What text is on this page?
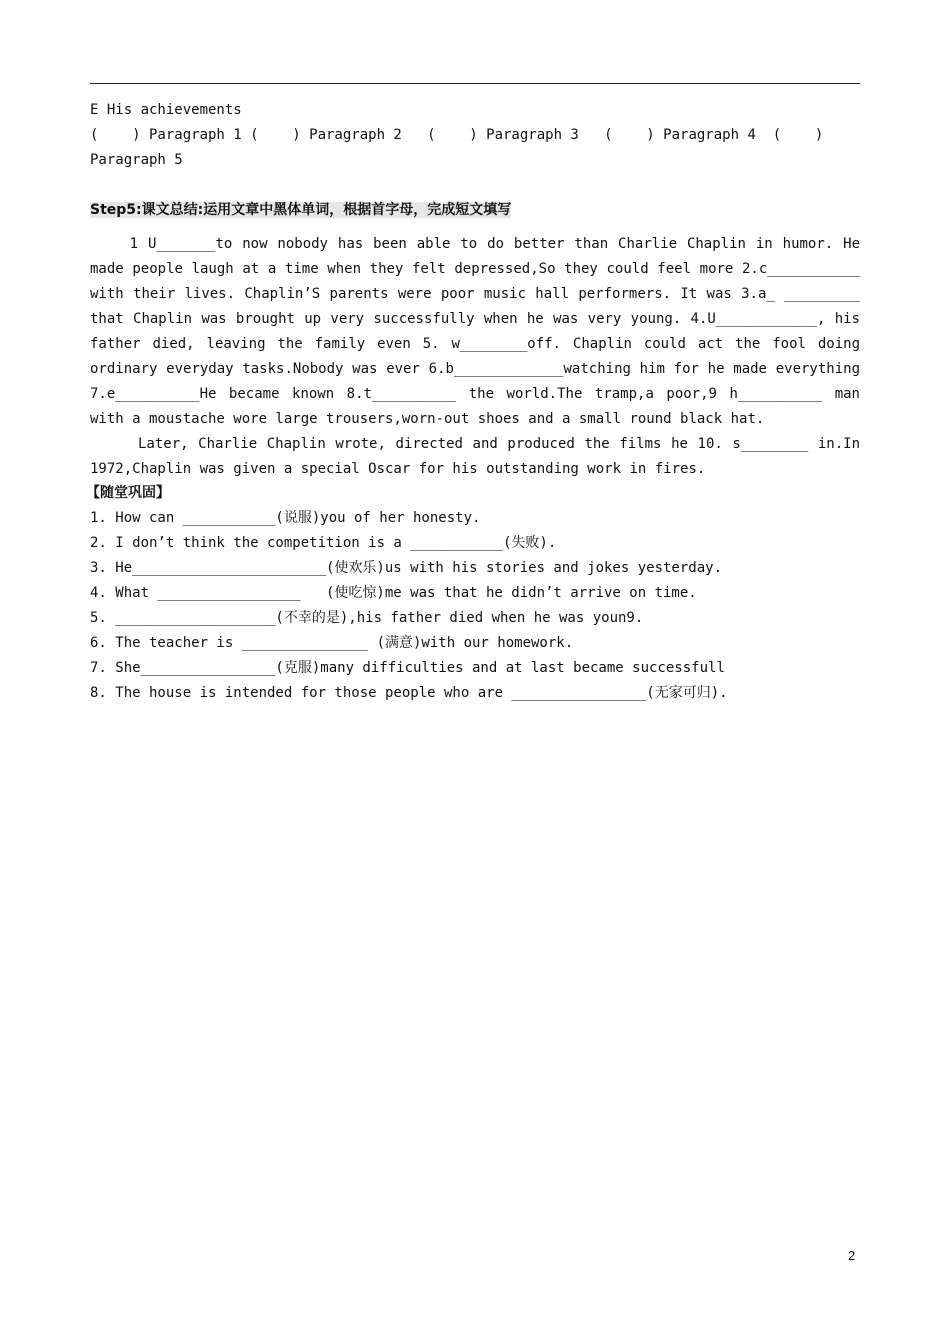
E His achievements
(    ) Paragraph 1 (    ) Paragraph 2   (    ) Paragraph 3   (    ) Paragraph 4  (    )
Paragraph 5
Step5:课文总结:运用文章中黑体单词，根据首字母，完成短文填写
1 U_______to now nobody has been able to do better than Charlie Chaplin in humor. He
made people laugh at a time when they felt depressed,So they could feel more 2.c___________
with their lives. Chaplin’S parents were poor music hall performers. It was 3.a_ _________
that Chaplin was brought up very successfully when he was very young. 4.U____________, his
father died, leaving the family even 5. w________off. Chaplin could act the fool doing
ordinary everyday tasks.Nobody was ever 6.b_____________watching him for he made everything
7.e__________He became known 8.t__________ the world.The tramp,a poor,9 h__________ man
with a moustache wore large trousers,worn-out shoes and a small round black hat.
Later, Charlie Chaplin wrote, directed and produced the films he 10. s________ in.In
1972,Chaplin was given a special Oscar for his outstanding work in fires.
【随堂巩固】
1. How can ___________(说服)you of her honesty.
2. I don’t think the competition is a ___________(失败).
3. He_______________________(使欢乐)us with his stories and jokes yesterday.
4. What _________________   (使吃惊)me was that he didn’t arrive on time.
5. ___________________(不幸的是),his father died when he was youn9.
6. The teacher is _______________ (满意)with our homework.
7. She________________(克服)many difficulties and at last became successfull
8. The house is intended for those people who are ________________(无家可归).
2
